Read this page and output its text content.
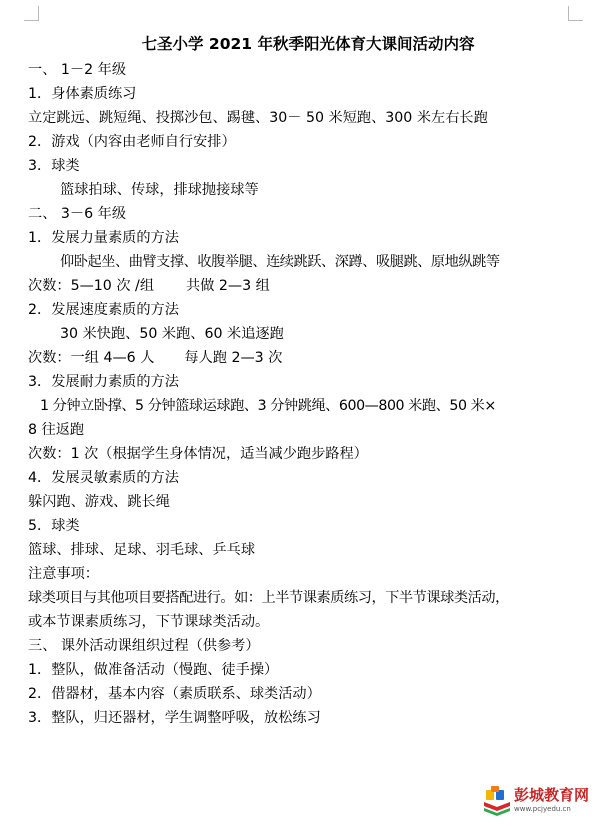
七圣小学 2021 年秋季阳光体育大课间活动内容
一、 1－2 年级
1．身体素质练习
立定跳远、跳短绳、投掷沙包、踢毽、30－ 50 米短跑、300 米左右长跑
2．游戏（内容由老师自行安排）
3．球类
篮球拍球、传球，排球抛接球等
二、 3－6 年级
1．发展力量素质的方法
仰卧起坐、曲臂支撑、收腹举腿、连续跳跃、深蹲、吸腿跳、原地纵跳等
次数：5—10 次 /组 共做 2—3 组
2．发展速度素质的方法
30 米快跑、50 米跑、60 米追逐跑
次数：一组 4—6 人 每人跑 2—3 次
3．发展耐力素质的方法
1 分钟立卧撑、5 分钟篮球运球跑、3 分钟跳绳、600—800 米跑、50 米×
8 往返跑
次数：1 次（根据学生身体情况，适当减少跑步路程）
4．发展灵敏素质的方法
躲闪跑、游戏、跳长绳
5．球类
篮球、排球、足球、羽毛球、乒乓球
注意事项：
球类项目与其他项目要搭配进行。如：上半节课素质练习，下半节课球类活动，
或本节课素质练习，下节课球类活动。
三、 课外活动课组织过程（供参考）
1．整队，做准备活动（慢跑、徒手操）
2．借器材，基本内容（素质联系、球类活动）
3．整队，归还器材，学生调整呼吸，放松练习
彭城教育网
www.pcjyedu.cn
